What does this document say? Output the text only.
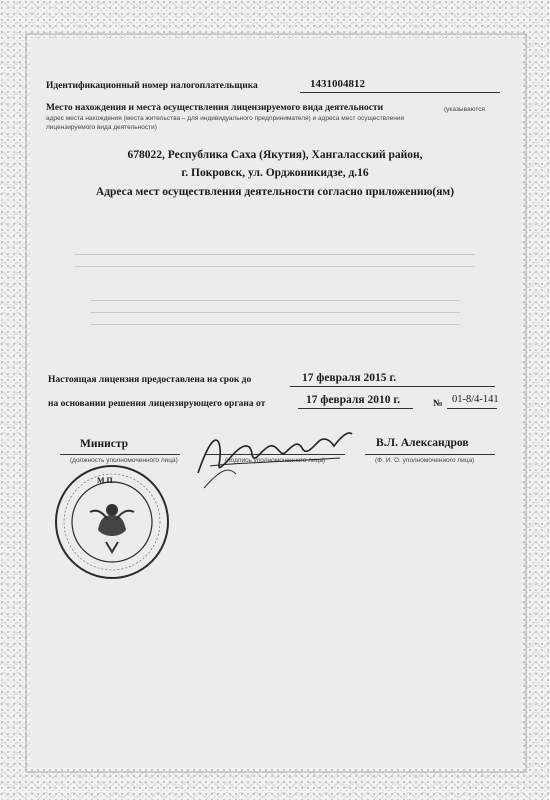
Идентификационный номер налогоплательщика	1431004812
Место нахождения и места осуществления лицензируемого вида деятельности	(указываются
адрес места нахождения (места жительства – для индивидуального предпринимателя) и адреса мест осуществления
лицензируемого вида деятельности)
678022, Республика Саха (Якутия), Хангаласский район,
г. Покровск, ул. Орджоникидзе, д.16
Адреса мест осуществления деятельности согласно приложению(ям)
Настоящая лицензия предоставлена на срок до	17 февраля 2015 г.
на основании решения лицензирующего органа от	17 февраля 2010 г.	№ 01-8/4-141
Министр
(должность уполномоченного лица)	(подпись уполномоченного лица)
В.Л. Александров
(Ф. И. О. уполномоченного лица)
М.П.
